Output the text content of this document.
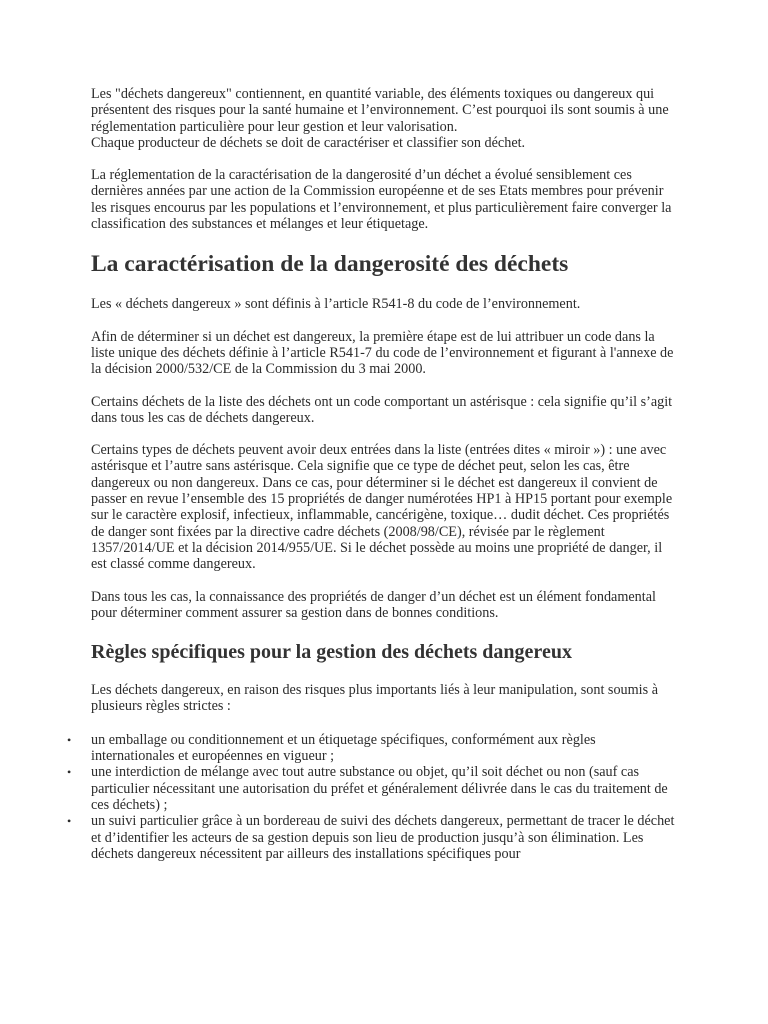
Les "déchets dangereux" contiennent, en quantité variable, des éléments toxiques ou dangereux qui présentent des risques pour la santé humaine et l’environnement. C’est pourquoi ils sont soumis à une réglementation particulière pour leur gestion et leur valorisation.

Chaque producteur de déchets se doit de caractériser et classifier son déchet.

La réglementation de la caractérisation de la dangerosité d’un déchet a évolué sensiblement ces dernières années par une action de la Commission européenne et de ses Etats membres pour prévenir les risques encourus par les populations et l’environnement, et plus particulièrement faire converger la classification des substances et mélanges et leur étiquetage.

La caractérisation de la dangerosité des déchets

Les « déchets dangereux » sont définis à l’article R541-8 du code de l’environnement.

Afin de déterminer si un déchet est dangereux, la première étape est de lui attribuer un code dans la liste unique des déchets définie à l’article R541-7 du code de l’environnement et figurant à l'annexe de la décision 2000/532/CE de la Commission du 3 mai 2000.

Certains déchets de la liste des déchets ont un code comportant un astérisque : cela signifie qu’il s’agit dans tous les cas de déchets dangereux.

Certains types de déchets peuvent avoir deux entrées dans la liste (entrées dites « miroir ») : une avec astérisque et l’autre sans astérisque. Cela signifie que ce type de déchet peut, selon les cas, être dangereux ou non dangereux. Dans ce cas, pour déterminer si le déchet est dangereux il convient de passer en revue l’ensemble des 15 propriétés de danger numérotées HP1 à HP15 portant pour exemple sur le caractère explosif, infectieux, inflammable, cancérigène, toxique… dudit déchet. Ces propriétés de danger sont fixées par la directive cadre déchets (2008/98/CE), révisée par le règlement 1357/2014/UE et la décision 2014/955/UE. Si le déchet possède au moins une propriété de danger, il est classé comme dangereux.

Dans tous les cas, la connaissance des propriétés de danger d’un déchet est un élément fondamental pour déterminer comment assurer sa gestion dans de bonnes conditions.

Règles spécifiques pour la gestion des déchets dangereux

Les déchets dangereux, en raison des risques plus importants liés à leur manipulation, sont soumis à plusieurs règles strictes :

• un emballage ou conditionnement et un étiquetage spécifiques, conformément aux règles internationales et européennes en vigueur ;
• une interdiction de mélange avec tout autre substance ou objet, qu’il soit déchet ou non (sauf cas particulier nécessitant une autorisation du préfet et généralement délivrée dans le cas du traitement de ces déchets) ;
• un suivi particulier grâce à un bordereau de suivi des déchets dangereux, permettant de tracer le déchet et d’identifier les acteurs de sa gestion depuis son lieu de production jusqu’à son élimination. Les déchets dangereux nécessitent par ailleurs des installations spécifiques pour
